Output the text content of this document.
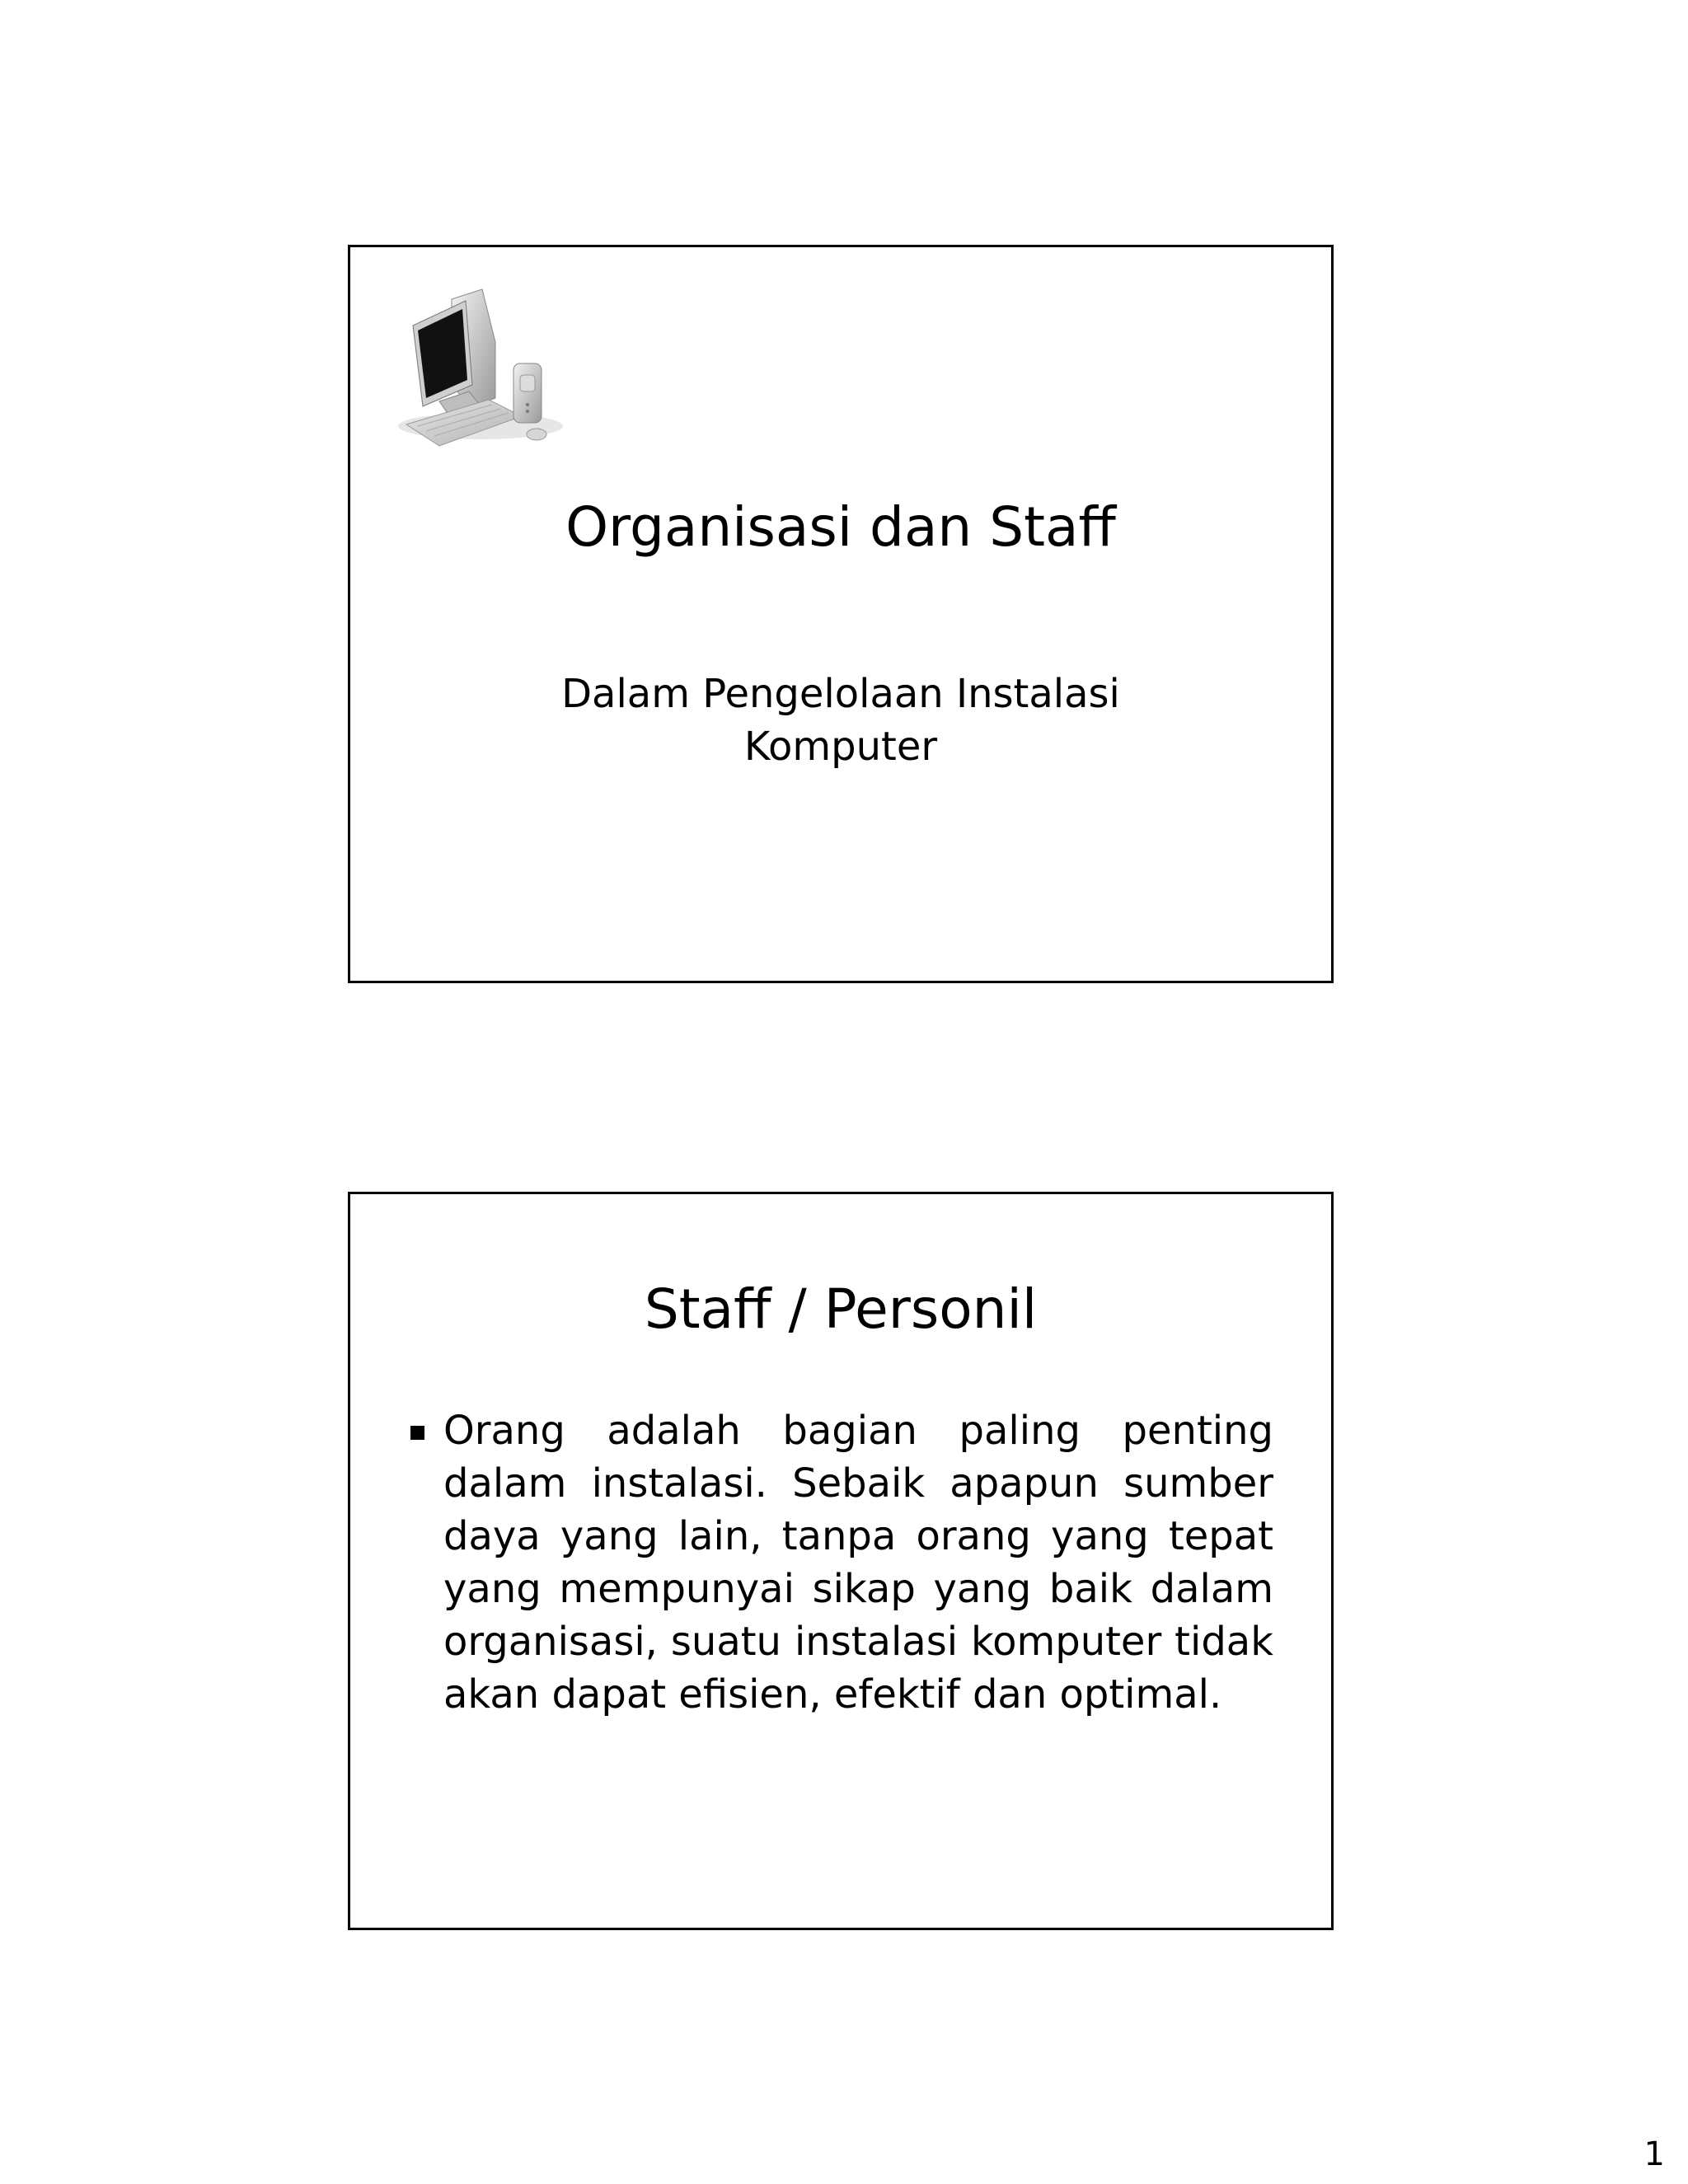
Organisasi dan Staff
Dalam Pengelolaan Instalasi
Komputer
Staff / Personil
Orang adalah bagian paling penting dalam instalasi. Sebaik apapun sumber daya yang lain, tanpa orang yang tepat yang mempunyai sikap yang baik dalam organisasi, suatu instalasi komputer tidak akan dapat efisien, efektif dan optimal.
1
